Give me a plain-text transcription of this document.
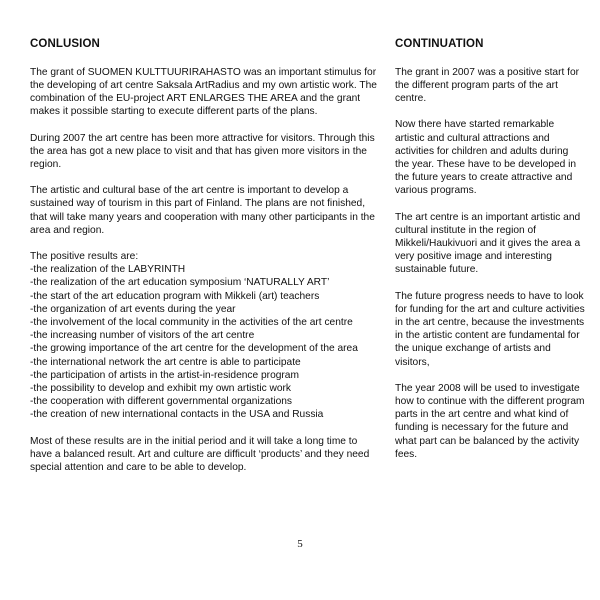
CONLUSION

The grant of SUOMEN KULTTUURIRAHASTO was an important stimulus for the developing of art centre Saksala ArtRadius and my own artistic work. The combination of the EU-project ART ENLARGES THE AREA and the grant makes it possible starting to execute different parts of the plans.

During 2007 the art centre has been more attractive for visitors. Through this the area has got a new place to visit and that has given more visitors in the region.

The artistic and cultural base of the art centre is important to develop a sustained way of tourism in this part of Finland. The plans are not finished, that will take many years and cooperation with many other participants in the area and region.

The positive results are:
-the realization of the LABYRINTH
-the realization of the art education symposium ‘NATURALLY ART’
-the start of the art education program with Mikkeli (art) teachers
-the organization of art events during the year
-the involvement of the local community in the activities of the art centre
-the increasing number of visitors of the art centre
-the growing importance of the art centre for the development of the area
-the international network the art centre is able to participate
-the participation of artists in the artist-in-residence program
-the possibility to develop and exhibit my own artistic work
-the cooperation with different governmental organizations
-the creation of new international contacts in the USA and Russia

Most of these results are in the initial period and it will take a long time to have a balanced result. Art and culture are difficult ‘products’ and they need special attention and care to be able to develop.

CONTINUATION

The grant in 2007 was a positive start for the different program parts of the art centre.

Now there have started remarkable artistic and cultural attractions and activities for children and adults during the year. These have to be developed in the future years to create attractive and various programs.

The art centre is an important artistic and cultural institute in the region of Mikkeli/Haukivuori and it gives the area a very positive image and interesting sustainable future.

The future progress needs to have to look for funding for the art and culture activities in the art centre, because the investments in the artistic content are fundamental for the unique exchange of artists and visitors,

The year 2008 will be used to investigate how to continue with the different program parts in the art centre and what kind of funding is necessary for the future and what part can be balanced by the activity fees.

5
